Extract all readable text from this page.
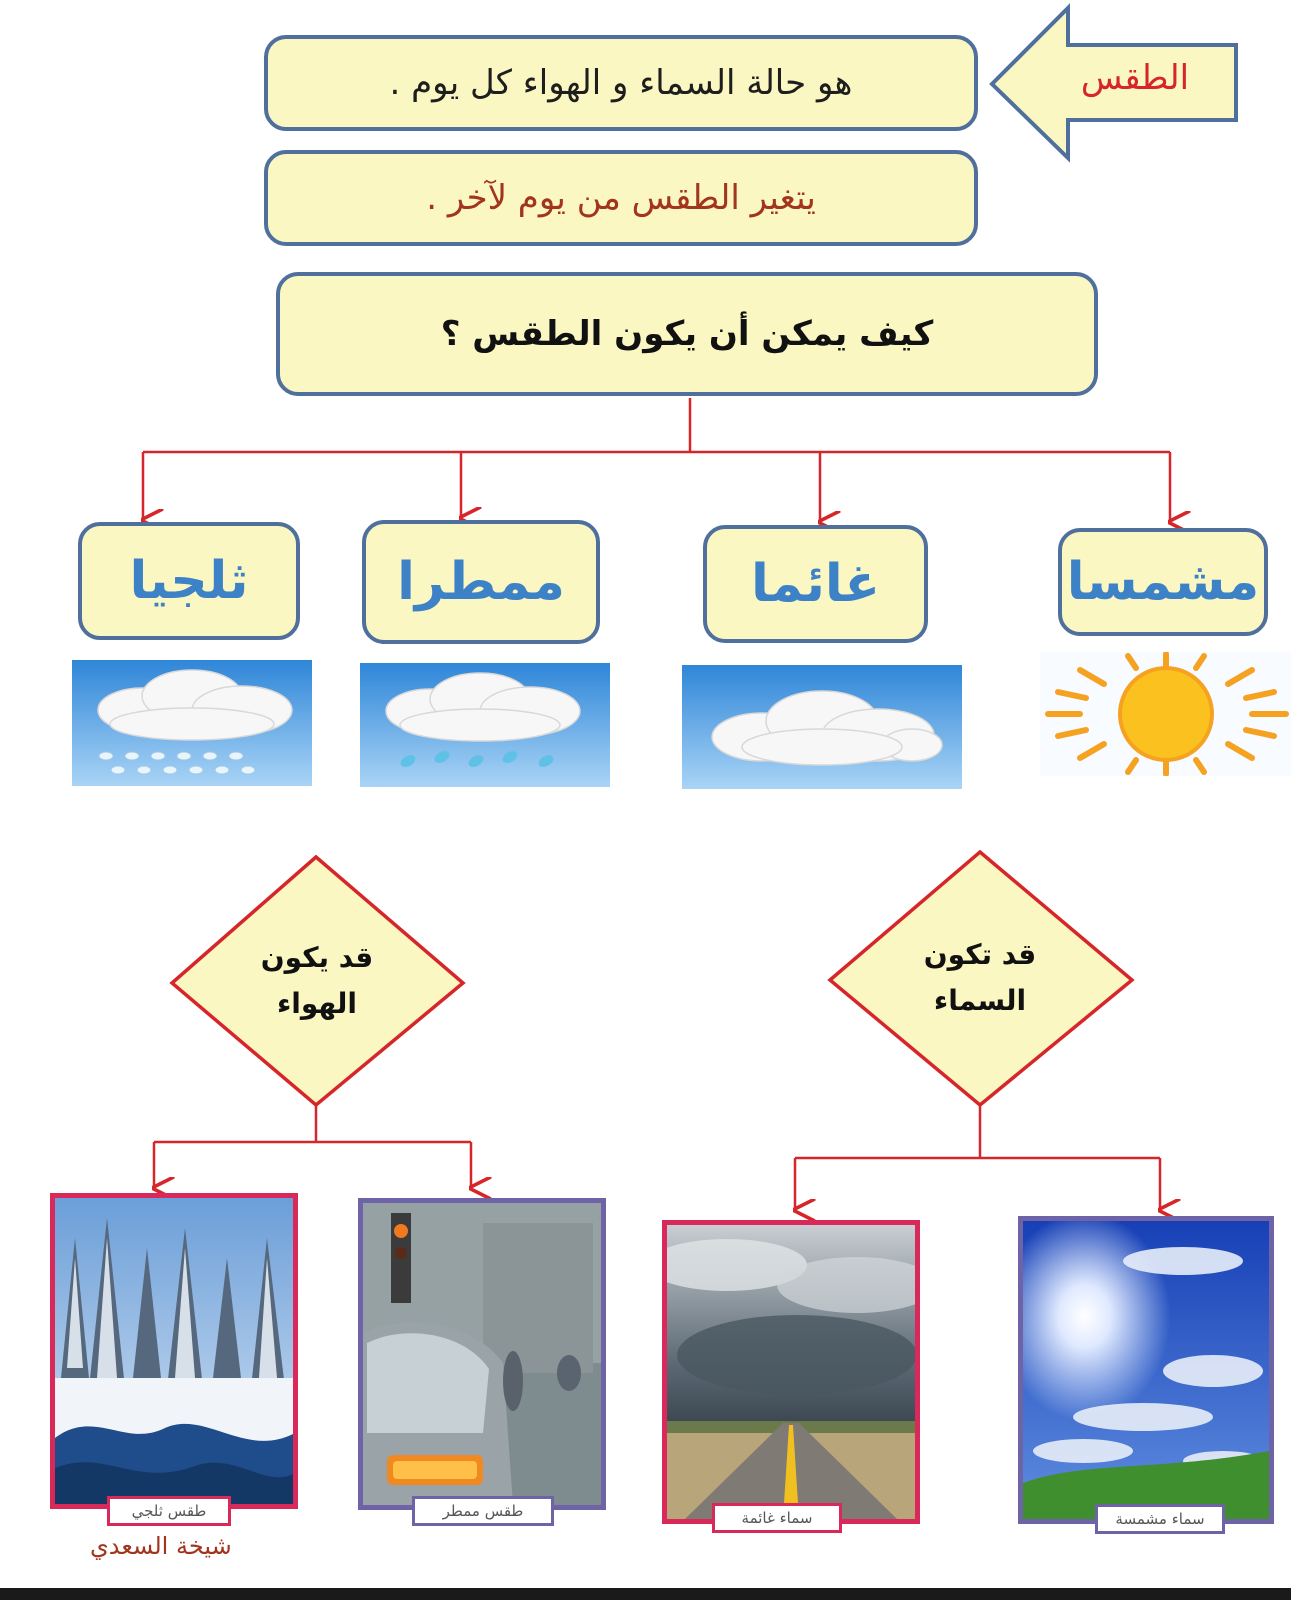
الطقس
هو حالة السماء و الهواء كل يوم .
يتغير الطقس من يوم لآخر .
كيف يمكن أن يكون الطقس ؟
مشمسا
غائما
ممطرا
ثلجيا
قد يكون
الهواء
قد تكون
السماء
طقس ثلجي	طقس ممطر	سماء غائمة	سماء مشمسة
شيخة السعدي
